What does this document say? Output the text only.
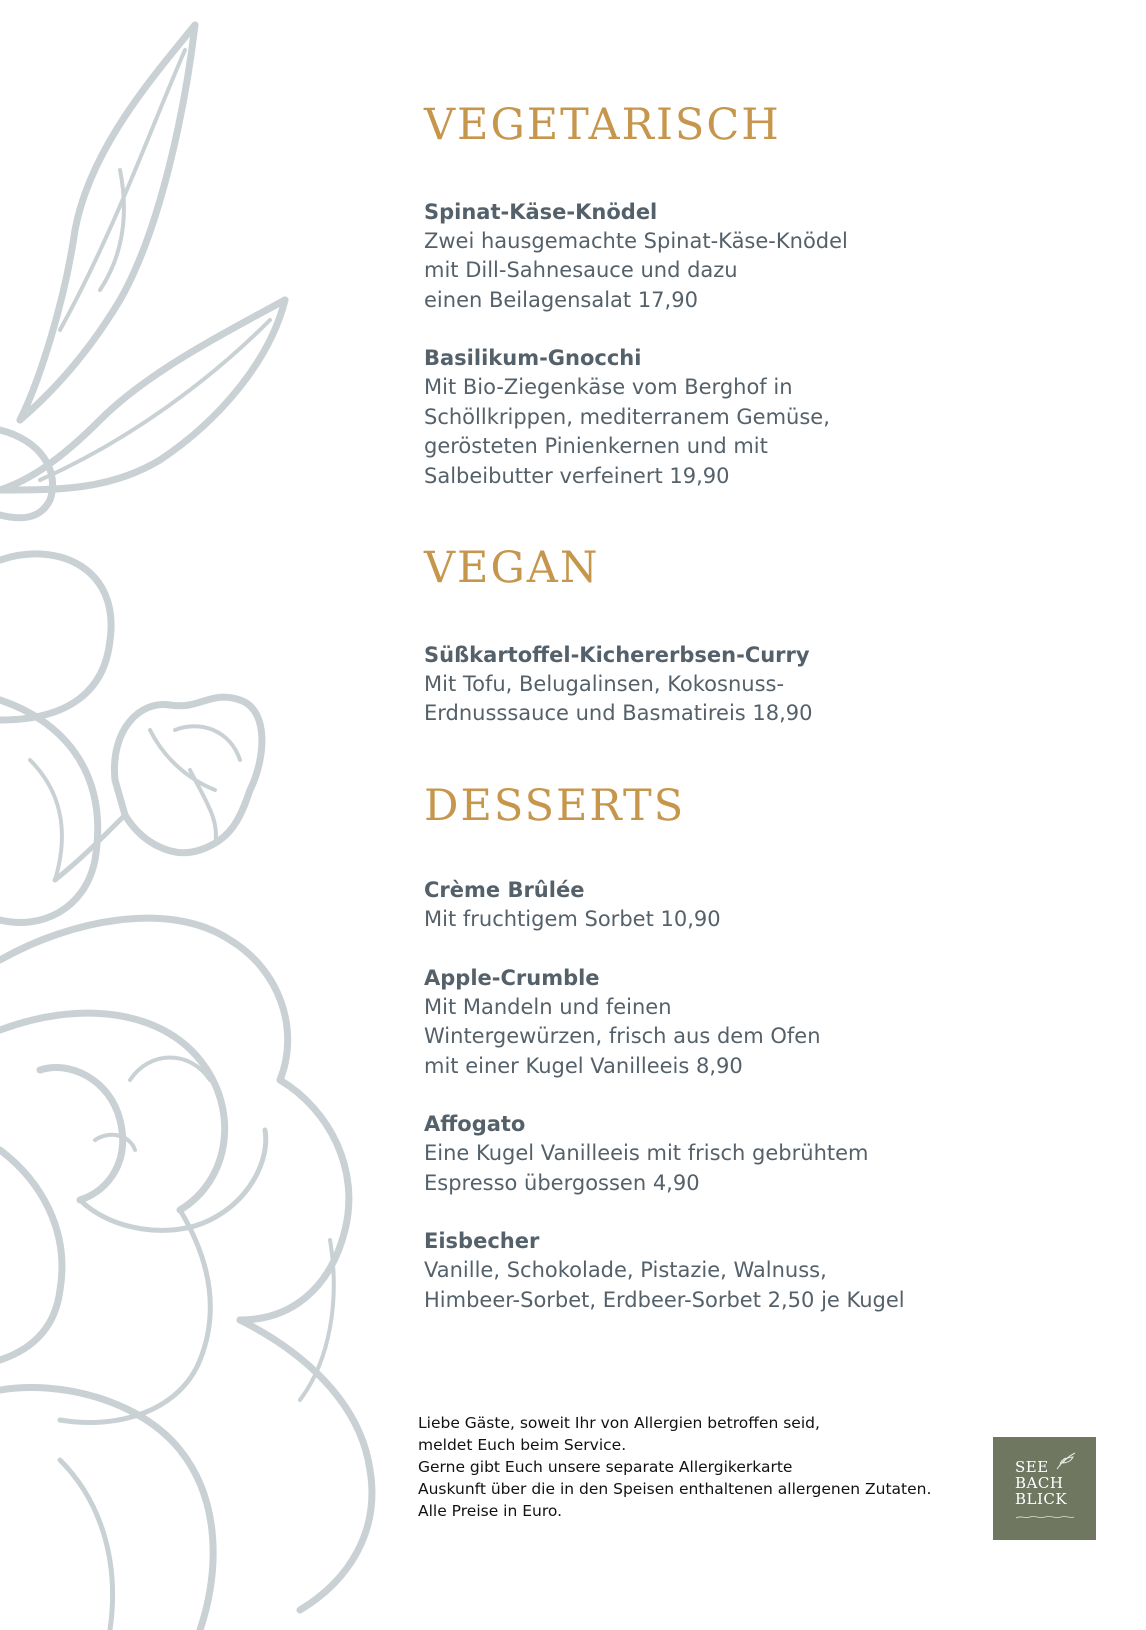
VEGETARISCH
Spinat-Käse-Knödel
Zwei hausgemachte Spinat-Käse-Knödel
mit Dill-Sahnesauce und dazu
einen Beilagensalat 17,90
Basilikum-Gnocchi
Mit Bio-Ziegenkäse vom Berghof in
Schöllkrippen, mediterranem Gemüse,
gerösteten Pinienkernen und mit
Salbeibutter verfeinert 19,90
VEGAN
Süßkartoffel-Kichererbsen-Curry
Mit Tofu, Belugalinsen, Kokosnuss-
Erdnusssauce und Basmatireis 18,90
DESSERTS
Crème Brûlée
Mit fruchtigem Sorbet 10,90
Apple-Crumble
Mit Mandeln und feinen
Wintergewürzen, frisch aus dem Ofen
mit einer Kugel Vanilleeis 8,90
Affogato
Eine Kugel Vanilleeis mit frisch gebrühtem
Espresso übergossen 4,90
Eisbecher
Vanille, Schokolade, Pistazie, Walnuss,
Himbeer-Sorbet, Erdbeer-Sorbet 2,50 je Kugel
Liebe Gäste, soweit Ihr von Allergien betroffen seid,
meldet Euch beim Service.
Gerne gibt Euch unsere separate Allergikerkarte
Auskunft über die in den Speisen enthaltenen allergenen Zutaten.
Alle Preise in Euro.
SEE
BACH
BLICK
